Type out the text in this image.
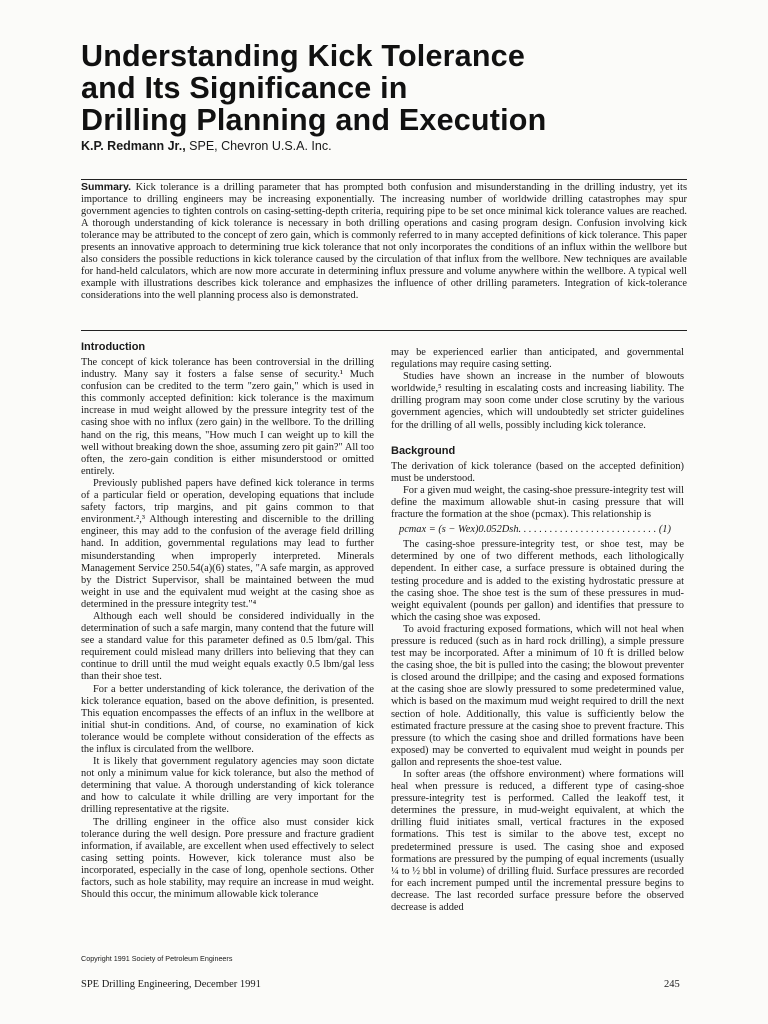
Understanding Kick Tolerance
and Its Significance in
Drilling Planning and Execution
K.P. Redmann Jr., SPE, Chevron U.S.A. Inc.
Summary. Kick tolerance is a drilling parameter that has prompted both confusion and misunderstanding in the drilling industry, yet its importance to drilling engineers may be increasing exponentially. The increasing number of worldwide drilling catastrophes may spur government agencies to tighten controls on casing-setting-depth criteria, requiring pipe to be set once minimal kick tolerance values are reached. A thorough understanding of kick tolerance is necessary in both drilling operations and casing program design. Confusion involving kick tolerance may be attributed to the concept of zero gain, which is commonly referred to in many accepted definitions of kick tolerance. This paper presents an innovative approach to determining true kick tolerance that not only incorporates the conditions of an influx within the wellbore but also considers the possible reductions in kick tolerance caused by the circulation of that influx from the wellbore. New techniques are available for hand-held calculators, which are now more accurate in determining influx pressure and volume anywhere within the wellbore. A typical well example with illustrations describes kick tolerance and emphasizes the influence of other drilling parameters. Integration of kick-tolerance considerations into the well planning process also is demonstrated.
Introduction

The concept of kick tolerance has been controversial in the drilling industry. Many say it fosters a false sense of security.¹ Much confusion can be credited to the term "zero gain," which is used in this commonly accepted definition: kick tolerance is the maximum increase in mud weight allowed by the pressure integrity test of the casing shoe with no influx (zero gain) in the wellbore. To the drilling hand on the rig, this means, "How much I can weight up to kill the well without breaking down the shoe, assuming zero pit gain?" All too often, the zero-gain condition is either misunderstood or omitted entirely.

Previously published papers have defined kick tolerance in terms of a particular field or operation, developing equations that include safety factors, trip margins, and pit gains common to that environment.²,³ Although interesting and discernible to the drilling engineer, this may add to the confusion of the average field drilling hand. In addition, governmental regulations may lead to further misunderstanding when improperly interpreted. Minerals Management Service 250.54(a)(6) states, "A safe margin, as approved by the District Supervisor, shall be maintained between the mud weight in use and the equivalent mud weight at the casing shoe as determined in the pressure integrity test."⁴

Although each well should be considered individually in the determination of such a safe margin, many contend that the future will see a standard value for this parameter defined as 0.5 lbm/gal. This requirement could mislead many drillers into believing that they can continue to drill until the mud weight equals exactly 0.5 lbm/gal less than their shoe test.

For a better understanding of kick tolerance, the derivation of the kick tolerance equation, based on the above definition, is presented. This equation encompasses the effects of an influx in the wellbore at initial shut-in conditions. And, of course, no examination of kick tolerance would be complete without consideration of the effects as the influx is circulated from the wellbore.

It is likely that government regulatory agencies may soon dictate not only a minimum value for kick tolerance, but also the method of determining that value. A thorough understanding of kick tolerance and how to calculate it while drilling are very important for the drilling representative at the rigsite.

The drilling engineer in the office also must consider kick tolerance during the well design. Pore pressure and fracture gradient information, if available, are excellent when used effectively to select casing setting points. However, kick tolerance must also be incorporated, especially in the case of long, openhole sections. Other factors, such as hole stability, may require an increase in mud weight. Should this occur, the minimum allowable kick tolerance

may be experienced earlier than anticipated, and governmental regulations may require casing setting.

Studies have shown an increase in the number of blowouts worldwide,⁵ resulting in escalating costs and increasing liability. The drilling program may soon come under close scrutiny by the various government agencies, which will undoubtedly set stricter guidelines for the drilling of all wells, possibly including kick tolerance.

Background

The derivation of kick tolerance (based on the accepted definition) must be understood.

For a given mud weight, the casing-shoe pressure-integrity test will define the maximum allowable shut-in casing pressure that will fracture the formation at the shoe (pcmax). This relationship is

pcmax = (s − Wex)0.052Dsh. . . . . . . . . . . . . . . . . . . . . . . . . . . (1)

The casing-shoe pressure-integrity test, or shoe test, may be determined by one of two different methods, each lithologically dependent. In either case, a surface pressure is obtained during the testing procedure and is added to the existing hydrostatic pressure at the casing shoe. The shoe test is the sum of these pressures in mud-weight equivalent (pounds per gallon) and identifies that pressure to which the casing shoe was exposed.

To avoid fracturing exposed formations, which will not heal when pressure is reduced (such as in hard rock drilling), a simple pressure test may be incorporated. After a minimum of 10 ft is drilled below the casing shoe, the bit is pulled into the casing; the blowout preventer is closed around the drillpipe; and the casing and exposed formations at the casing shoe are slowly pressured to some predetermined value, which is based on the maximum mud weight required to drill the next section of hole. Additionally, this value is sufficiently below the estimated fracture pressure at the casing shoe to prevent fracture. This pressure (to which the casing shoe and drilled formations have been exposed) may be converted to equivalent mud weight in pounds per gallon and represents the shoe-test value.

In softer areas (the offshore environment) where formations will heal when pressure is reduced, a different type of casing-shoe pressure-integrity test is performed. Called the leakoff test, it determines the pressure, in mud-weight equivalent, at which the drilling fluid initiates small, vertical fractures in the exposed formations. This test is similar to the above test, except no predetermined pressure is used. The casing shoe and exposed formations are pressured by the pumping of equal increments (usually ¼ to ½ bbl in volume) of drilling fluid. Surface pressures are recorded for each increment pumped until the incremental pressure begins to decrease. The last recorded surface pressure before the observed decrease is added

Copyright 1991 Society of Petroleum Engineers
SPE Drilling Engineering, December 1991	245
